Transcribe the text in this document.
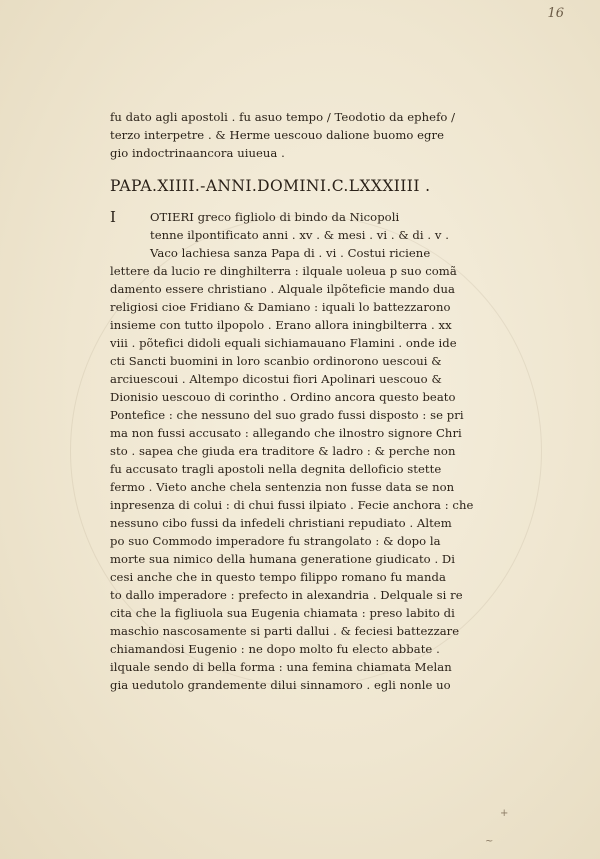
16
+
~
fu dato agli apostoli . fu asuo tempo / Teodotio da ephefo /
terzo interpetre . & Herme uescouo dalione buomo egre
gio indoctrinaancora uiueua .
PAPA.XIIII.-ANNI.DOMINI.C.LXXXIIII .
I	OTIERI greco figliolo di bindo da Nicopoli
tenne ilpontificato anni . xv . & mesi . vi . & di . v .
Vaco lachiesa sanza Papa di . vi . Costui riciene
lettere da lucio re dinghilterra : ilquale uoleua p suo comã
damento essere christiano . Alquale ilpõteficie mando dua
religiosi cioe Fridiano & Damiano : iquali lo battezzarono
insieme con tutto ilpopolo . Erano allora iningbilterra . xx
viii . põtefici didoli equali sichiamauano Flamini . onde ide
cti Sancti buomini in loro scanbio ordinorono uescoui &
arciuescoui . Altempo dicostui fiori Apolinari uescouo &
Dionisio uescouo di corintho . Ordino ancora questo beato
Pontefice : che nessuno del suo grado fussi disposto : se pri
ma non fussi accusato : allegando che ilnostro signore Chri
sto . sapea che giuda era traditore & ladro : & perche non
fu accusato tragli apostoli nella degnita delloficio stette
fermo . Vieto anche chela sentenzia non fusse data se non
inpresenza di colui : di chui fussi ilpiato . Fecie anchora : che
nessuno cibo fussi da infedeli christiani repudiato . Altem
po suo Commodo imperadore fu strangolato : & dopo la
morte sua nimico della humana generatione giudicato . Di
cesi anche che in questo tempo filippo romano fu manda
to dallo imperadore : prefecto in alexandria . Delquale si re
cita che la figliuola sua Eugenia chiamata : preso labito di
maschio nascosamente si parti dallui . & feciesi battezzare
chiamandosi Eugenio : ne dopo molto fu electo abbate .
ilquale sendo di bella forma : una femina chiamata Melan
gia uedutolo grandemente dilui sinnamoro . egli nonle uo
